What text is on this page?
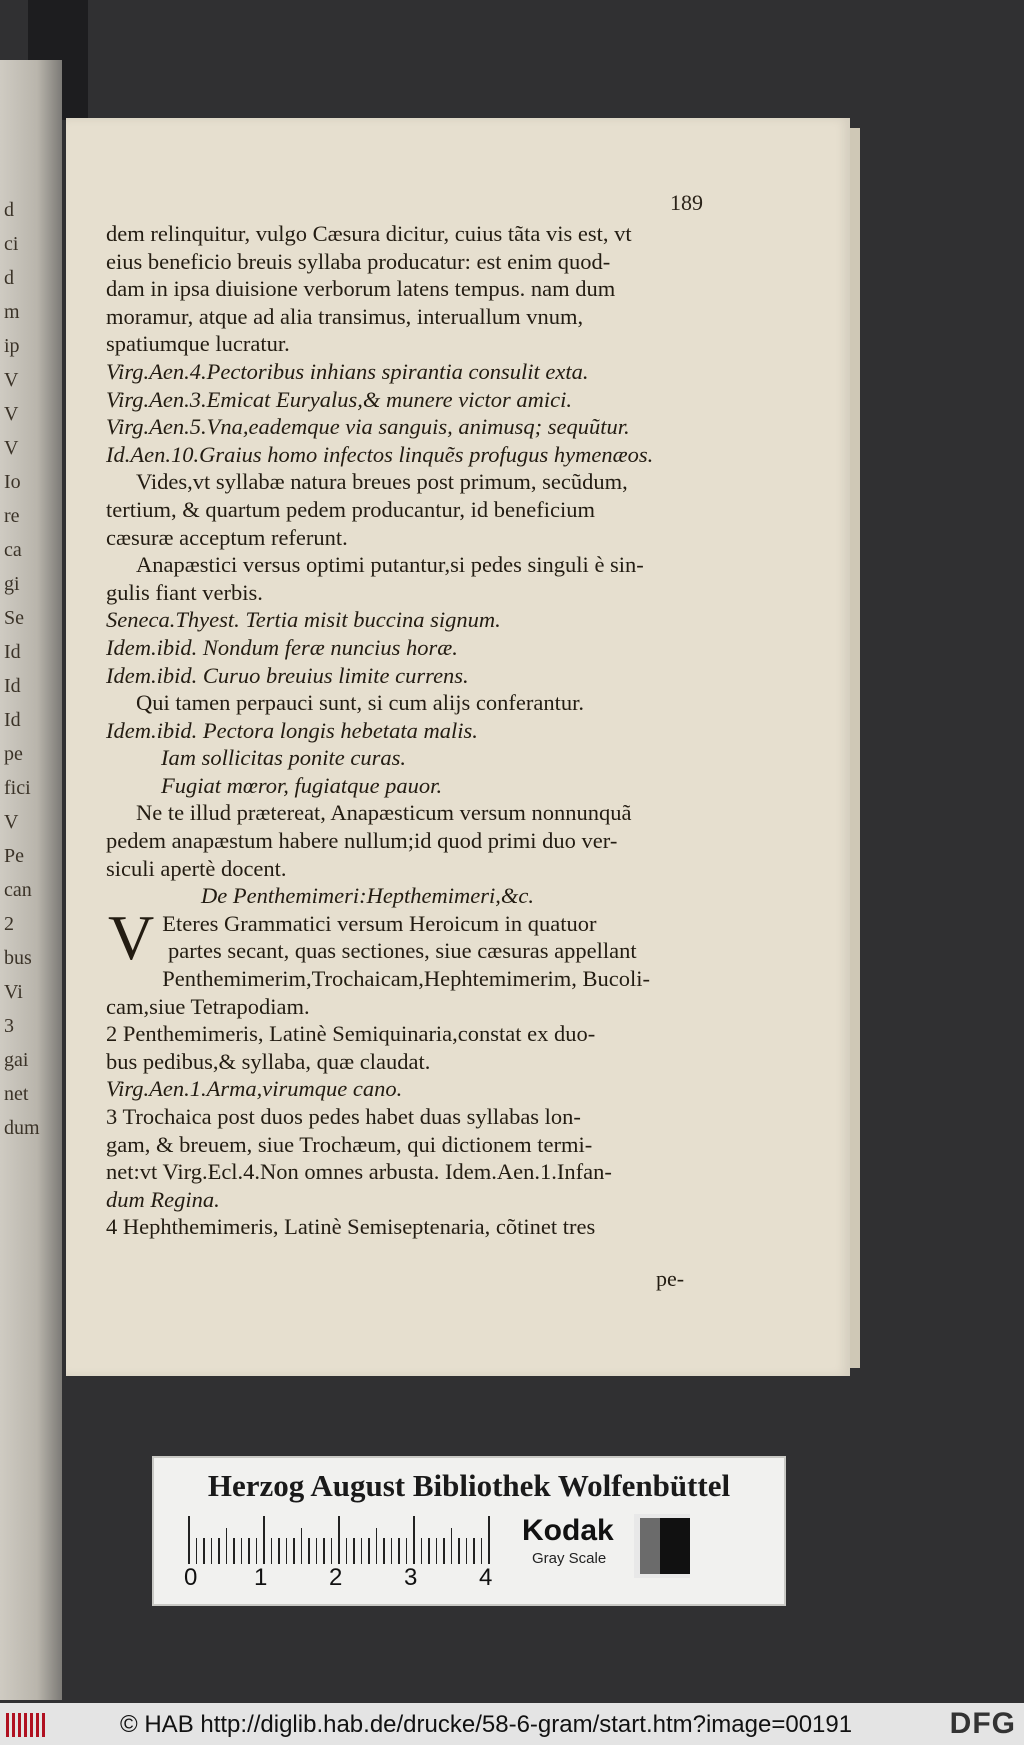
d
ci
d
m
ip
V
V
V
Io
re
ca
gi
Se
Id
Id
Id
pe
fici
V
Pe
can
2
bus
Vi
3
gai
net
dum
189
dem relinquitur, vulgo Cæsura dicitur, cuius tãta vis est, vt
eius beneficio breuis syllaba producatur: est enim quod-
dam in ipsa diuisione verborum latens tempus. nam dum
moramur, atque ad alia transimus, interuallum vnum,
spatiumque lucratur.
Virg.Aen.4.Pectoribus inhians spirantia consulit exta.
Virg.Aen.3.Emicat Euryalus,& munere victor amici.
Virg.Aen.5.Vna,eademque via sanguis, animusq; sequũtur.
Id.Aen.10.Graius homo infectos linquẽs profugus hymenæos.
Vides,vt syllabæ natura breues post primum, secũdum,
tertium, & quartum pedem producantur, id beneficium
cæsuræ acceptum referunt.
Anapæstici versus optimi putantur,si pedes singuli è sin-
gulis fiant verbis.
Seneca.Thyest. Tertia misit buccina signum.
Idem.ibid. Nondum feræ nuncius horæ.
Idem.ibid. Curuo breuius limite currens.
Qui tamen perpauci sunt, si cum alijs conferantur.
Idem.ibid. Pectora longis hebetata malis.
Iam sollicitas ponite curas.
Fugiat mœror, fugiatque pauor.
Ne te illud prætereat, Anapæsticum versum nonnunquã
pedem anapæstum habere nullum;id quod primi duo ver-
siculi apertè docent.
De Penthemimeri:Hepthemimeri,&c.
V Eteres Grammatici versum Heroicum in quatuor
partes secant, quas sectiones, siue cæsuras appellant
Penthemimerim,Trochaicam,Hephtemimerim, Bucoli-
cam,siue Tetrapodiam.
2 Penthemimeris, Latinè Semiquinaria,constat ex duo-
bus pedibus,& syllaba, quæ claudat.
Virg.Aen.1.Arma,virumque cano.
3 Trochaica post duos pedes habet duas syllabas lon-
gam, & breuem, siue Trochæum, qui dictionem termi-
net:vt Virg.Ecl.4.Non omnes arbusta. Idem.Aen.1.Infan-
dum Regina.
4 Hephthemimeris, Latinè Semiseptenaria, cõtinet tres
pe-
Herzog August Bibliothek Wolfenbüttel
0 1	2	3	4
Kodak
Gray Scale
© HAB http://diglib.hab.de/drucke/58-6-gram/start.htm?image=00191	DFG
